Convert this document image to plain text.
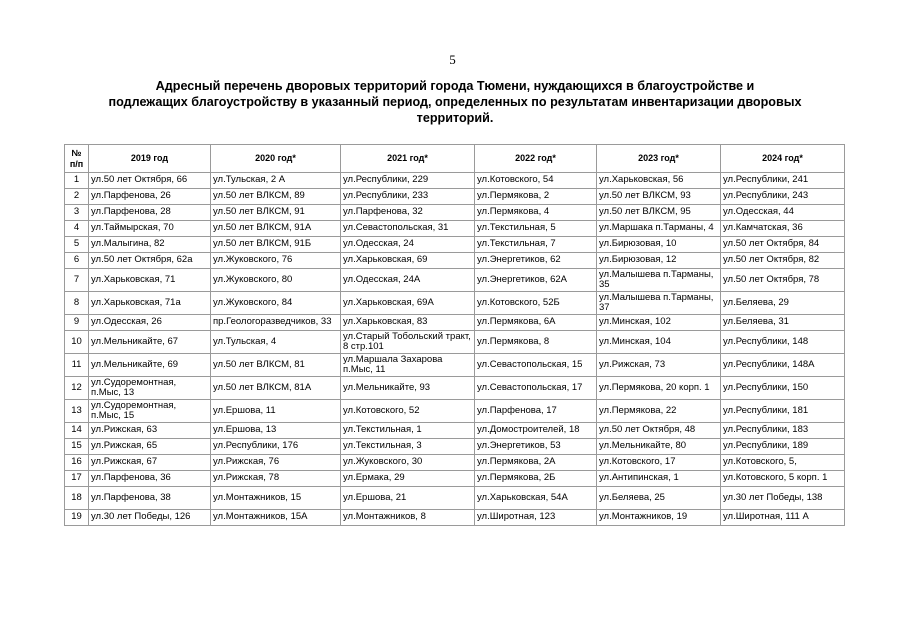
5
Адресный перечень дворовых территорий города Тюмени, нуждающихся в благоустройстве и
подлежащих благоустройству в указанный период, определенных по результатам инвентаризации дворовых
территорий.
№ п/п	2019 год	2020 год*	2021 год*	2022 год*	2023 год*	2024 год*
1	ул.50 лет Октября, 66	ул.Тульская, 2 А	ул.Республики, 229	ул.Котовского, 54	ул.Харьковская, 56	ул.Республики, 241
2	ул.Парфенова, 26	ул.50 лет ВЛКСМ, 89	ул.Республики, 233	ул.Пермякова, 2	ул.50 лет ВЛКСМ, 93	ул.Республики, 243
3	ул.Парфенова, 28	ул.50 лет ВЛКСМ, 91	ул.Парфенова, 32	ул.Пермякова, 4	ул.50 лет ВЛКСМ, 95	ул.Одесская, 44
4	ул.Таймырская, 70	ул.50 лет ВЛКСМ, 91А	ул.Севастопольская, 31	ул.Текстильная, 5	ул.Маршака п.Тарманы, 4	ул.Камчатская, 36
5	ул.Малыгина, 82	ул.50 лет ВЛКСМ, 91Б	ул.Одесская, 24	ул.Текстильная, 7	ул.Бирюзовая, 10	ул.50 лет Октября, 84
6	ул.50 лет Октября, 62а	ул.Жуковского, 76	ул.Харьковская, 69	ул.Энергетиков, 62	ул.Бирюзовая, 12	ул.50 лет Октября, 82
7	ул.Харьковская, 71	ул.Жуковского, 80	ул.Одесская, 24А	ул.Энергетиков, 62А	ул.Малышева п.Тарманы, 35	ул.50 лет Октября, 78
8	ул.Харьковская, 71а	ул.Жуковского, 84	ул.Харьковская, 69А	ул.Котовского, 52Б	ул.Малышева п.Тарманы, 37	ул.Беляева, 29
9	ул.Одесская, 26	пр.Геологоразведчиков, 33	ул.Харьковская, 83	ул.Пермякова, 6А	ул.Минская, 102	ул.Беляева, 31
10	ул.Мельникайте, 67	ул.Тульская, 4	ул.Старый Тобольский тракт, 8 стр.101	ул.Пермякова, 8	ул.Минская, 104	ул.Республики, 148
11	ул.Мельникайте, 69	ул.50 лет ВЛКСМ, 81	ул.Маршала Захарова п.Мыс, 11	ул.Севастопольская, 15	ул.Рижская, 73	ул.Республики, 148А
12	ул.Судоремонтная, п.Мыс, 13	ул.50 лет ВЛКСМ, 81А	ул.Мельникайте, 93	ул.Севастопольская, 17	ул.Пермякова, 20 корп. 1	ул.Республики, 150
13	ул.Судоремонтная, п.Мыс, 15	ул.Ершова, 11	ул.Котовского, 52	ул.Парфенова, 17	ул.Пермякова, 22	ул.Республики, 181
14	ул.Рижская, 63	ул.Ершова, 13	ул.Текстильная, 1	ул.Домостроителей, 18	ул.50 лет Октября, 48	ул.Республики, 183
15	ул.Рижская, 65	ул.Республики, 176	ул.Текстильная, 3	ул.Энергетиков, 53	ул.Мельникайте, 80	ул.Республики, 189
16	ул.Рижская, 67	ул.Рижская, 76	ул.Жуковского, 30	ул.Пермякова, 2А	ул.Котовского, 17	ул.Котовского, 5,
17	ул.Парфенова, 36	ул.Рижская, 78	ул.Ермака, 29	ул.Пермякова, 2Б	ул.Антипинская, 1	ул.Котовского, 5 корп. 1
18	ул.Парфенова, 38	ул.Монтажников, 15	ул.Ершова, 21	ул.Харьковская, 54А	ул.Беляева, 25	ул.30 лет Победы, 138
19	ул.30 лет Победы, 126	ул.Монтажников, 15А	ул.Монтажников, 8	ул.Широтная, 123	ул.Монтажников, 19	ул.Широтная, 111 А
